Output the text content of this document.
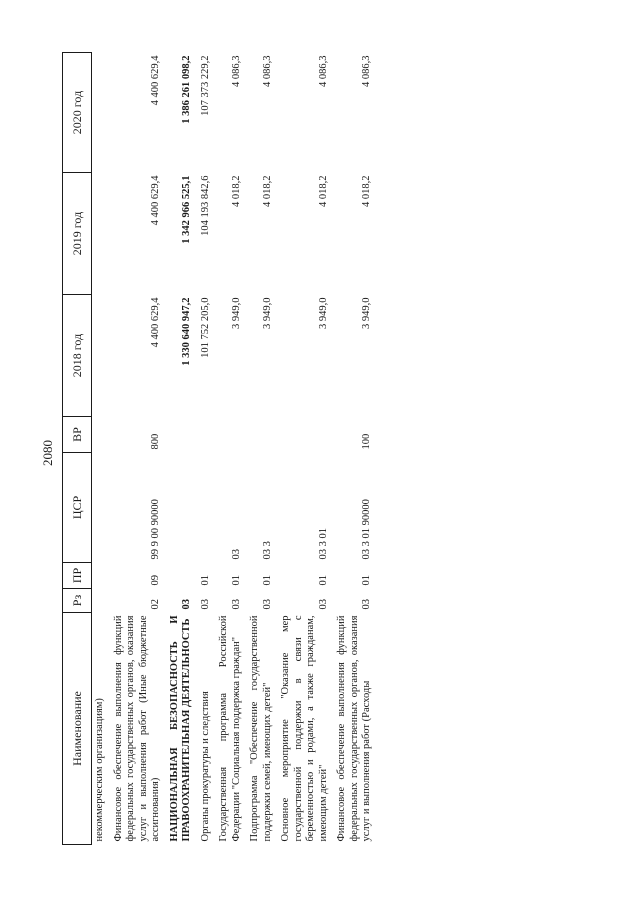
2080
Наименование	Рз	ПР	ЦСР	ВР	2018 год	2019 год	2020 год
некоммерческим организациям)							
Финансовое обеспечение выполнения функций федеральных государственных органов, оказания услуг и выполнения работ (Иные бюджетные ассигнования)	02	09	99 9 00 90000	800	4 400 629,4	4 400 629,4	4 400 629,4
НАЦИОНАЛЬНАЯ БЕЗОПАСНОСТЬ И ПРАВООХРАНИТЕЛЬНАЯ ДЕЯТЕЛЬНОСТЬ	03				1 330 640 947,2	1 342 966 525,1	1 386 261 098,2
Органы прокуратуры и следствия	03	01			101 752 205,0	104 193 842,6	107 373 229,2
Государственная программа Российской Федерации "Социальная поддержка граждан"	03	01	03		3 949,0	4 018,2	4 086,3
Подпрограмма "Обеспечение государственной поддержки семей, имеющих детей"	03	01	03 3		3 949,0	4 018,2	4 086,3
Основное мероприятие "Оказание мер государственной поддержки в связи с беременностью и родами, а также гражданам, имеющим детей"	03	01	03 3 01		3 949,0	4 018,2	4 086,3
Финансовое обеспечение выполнения функций федеральных государственных органов, оказания услуг и выполнения работ (Расходы	03	01	03 3 01 90000	100	3 949,0	4 018,2	4 086,3
